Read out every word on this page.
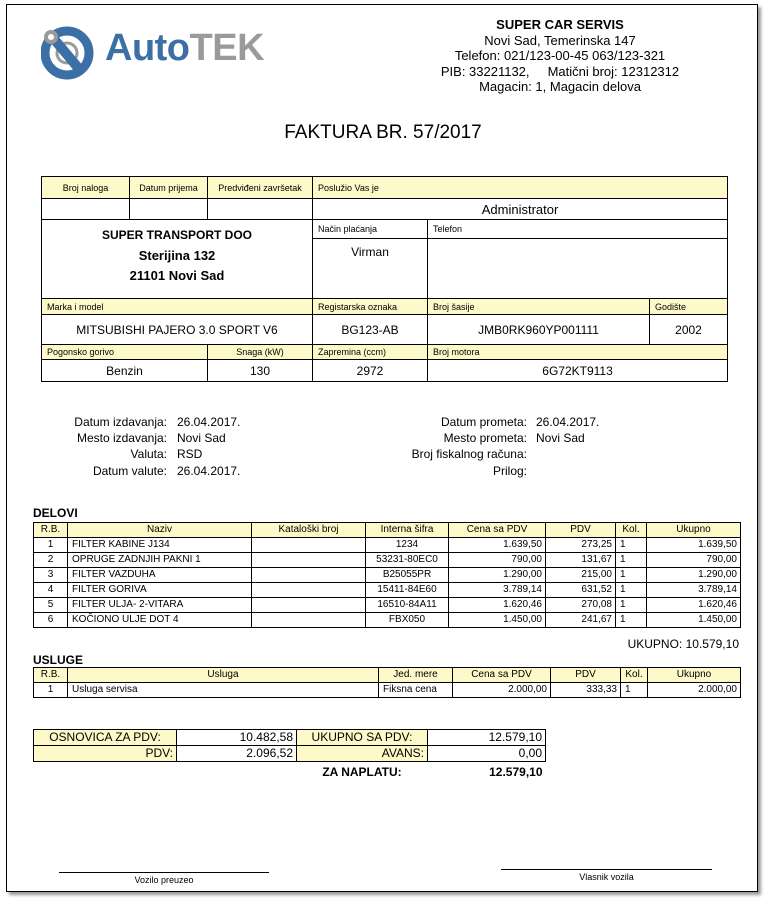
AutoTEK
SUPER CAR SERVIS
Novi Sad, Temerinska 147
Telefon: 021/123-00-45 063/123-321
PIB: 33221132,     Matični broj: 12312312
Magacin: 1, Magacin delova
FAKTURA BR. 57/2017
Broj naloga	Datum prijema	Predviđeni završetak	Poslužio Vas je		
			Administrator		

SUPER TRANSPORT DOO
Sterijina 132
21101 Novi Sad			Način plaćanja	Telefon	
			Virman		
Marka i model			Registarska oznaka	Broj šasije	Godište
MITSUBISHI PAJERO 3.0 SPORT V6			BG123-AB	JMB0RK960YP001111	2002
Pogonsko gorivo		Snaga (kW)	Zapremina (ccm)	Broj motora	
Benzin		130	2972	6G72KT9113	
Datum izdavanja: 26.04.2017.
Mesto izdavanja: Novi Sad
Valuta: RSD
Datum valute: 26.04.2017.
Datum prometa: 26.04.2017.
Mesto prometa: Novi Sad
Broj fiskalnog računa:
Prilog:
DELOVI
R.B.	Naziv	Kataloški broj	Interna šifra	Cena sa PDV	PDV	Kol.	Ukupno
1	FILTER KABINE J134		1234	1.639,50	273,25	1	1.639,50
2	OPRUGE ZADNJIH PAKNI 1		53231-80EC0	790,00	131,67	1	790,00
3	FILTER VAZDUHA		B25055PR	1.290,00	215,00	1	1.290,00
4	FILTER GORIVA		15411-84E60	3.789,14	631,52	1	3.789,14
5	FILTER ULJA- 2-VITARA		16510-84A11	1.620,46	270,08	1	1.620,46
6	KOČIONO ULJE DOT 4		FBX050	1.450,00	241,67	1	1.450,00
UKUPNO: 10.579,10
USLUGE
R.B.	Usluga	Jed. mere	Cena sa PDV	PDV	Kol.	Ukupno
1	Usluga servisa	Fiksna cena	2.000,00	333,33	1	2.000,00
OSNOVICA ZA PDV:	10.482,58	UKUPNO SA PDV:	12.579,10
PDV:	2.096,52	AVANS:	0,00
		ZA NAPLATU:	12.579,10
Vozilo preuzeo	Vlasnik vozila
